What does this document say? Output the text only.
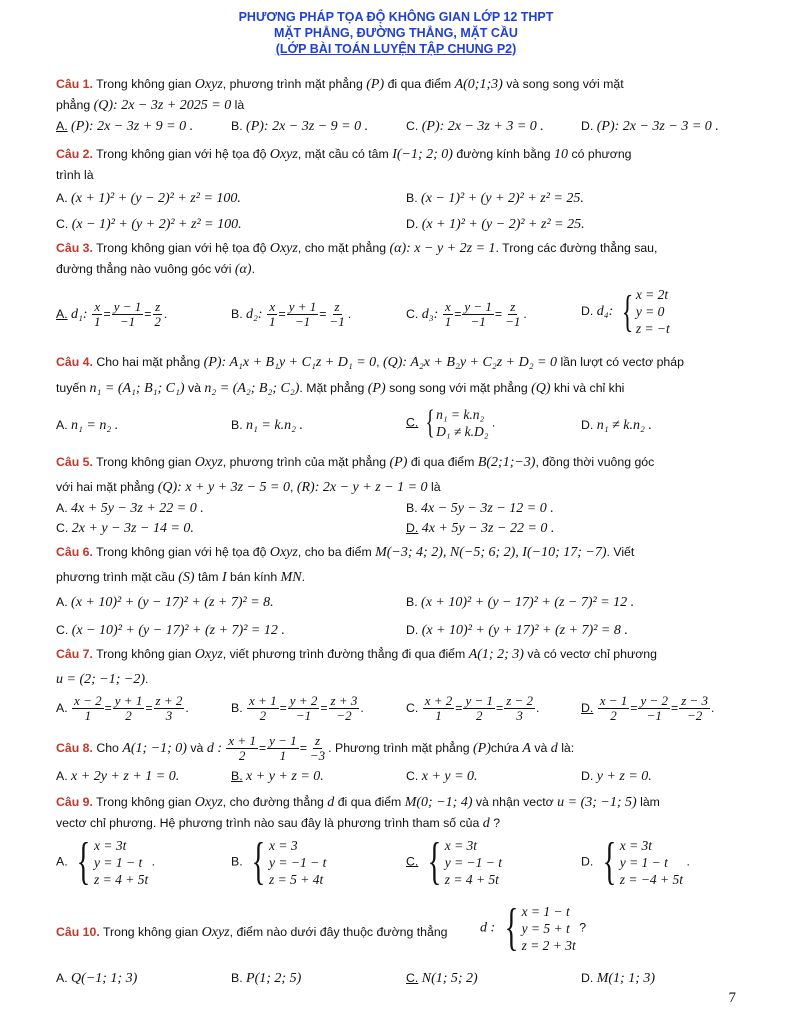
PHƯƠNG PHÁP TỌA ĐỘ KHÔNG GIAN LỚP 12 THPT
MẶT PHẲNG, ĐƯỜNG THẲNG, MẶT CẦU
(LỚP BÀI TOÁN LUYỆN TẬP CHUNG P2)
Câu 1. Trong không gian Oxyz, phương trình mặt phẳng (P) đi qua điểm A(0;1;3) và song song với mặt
phẳng (Q): 2x − 3z + 2025 = 0 là
A. (P): 2x − 3z + 9 = 0 .	B. (P): 2x − 3z − 9 = 0 .	C. (P): 2x − 3z + 3 = 0 .	D. (P): 2x − 3z − 3 = 0 .
Câu 2. Trong không gian với hệ tọa độ Oxyz, mặt cầu có tâm I(−1; 2; 0) đường kính bằng 10 có phương
trình là
A. (x + 1)² + (y − 2)² + z² = 100.	B. (x − 1)² + (y + 2)² + z² = 25.
C. (x − 1)² + (y + 2)² + z² = 100.	D. (x + 1)² + (y − 2)² + z² = 25.
Câu 3. Trong không gian với hệ tọa độ Oxyz, cho mặt phẳng (α): x − y + 2z = 1. Trong các đường thẳng sau,
đường thẳng nào vuông góc với (α).
A. d₁: $\frac{x}{1} = \frac{y - 1}{-1} = \frac{z}{2}$ .	B. d₂: $\frac{x}{1} = \frac{y + 1}{-1} = \frac{z}{-1}$ .	C. d₃: $\frac{x}{1} = \frac{y - 1}{-1} = \frac{z}{-1}$ .	D. d₄: { x = 2t
y = 0
z = −t
Câu 4. Cho hai mặt phẳng (P): A₁x + B₁y + C₁z + D₁ = 0, (Q): A₂x + B₂y + C₂z + D₂ = 0 lần lượt có vectơ pháp
tuyến n₁ = (A₁; B₁; C₁) và n₂ = (A₂; B₂; C₂). Mặt phẳng (P) song song với mặt phẳng (Q) khi và chỉ khi
A. n₁ = n₂ .	B. n₁ = k.n₂ .	C. { n₁ = k.n₂
D₁ ≠ k.D₂
.	D. n₁ ≠ k.n₂ .
Câu 5. Trong không gian Oxyz, phương trình của mặt phẳng (P) đi qua điểm B(2;1;−3), đồng thời vuông góc
với hai mặt phẳng (Q): x + y + 3z − 5 = 0, (R): 2x − y + z − 1 = 0 là
A. 4x + 5y − 3z + 22 = 0 .	B. 4x − 5y − 3z − 12 = 0 .
C. 2x + y − 3z − 14 = 0.	D. 4x + 5y − 3z − 22 = 0 .
Câu 6. Trong không gian với hệ tọa độ Oxyz, cho ba điểm M(−3; 4; 2), N(−5; 6; 2), I(−10; 17; −7). Viết
phương trình mặt cầu (S) tâm I bán kính MN.
A. (x + 10)² + (y − 17)² + (z + 7)² = 8.	B. (x + 10)² + (y − 17)² + (z − 7)² = 12 .
C. (x − 10)² + (y − 17)² + (z + 7)² = 12 .	D. (x + 10)² + (y + 17)² + (z + 7)² = 8 .
Câu 7. Trong không gian Oxyz, viết phương trình đường thẳng đi qua điểm A(1; 2; 3) và có vectơ chỉ phương
u = (2; −1; −2).
A. $\frac{x - 2}{1} = \frac{y + 1}{2} = \frac{z + 2}{3}$ .	B. $\frac{x + 1}{2} = \frac{y + 2}{-1} = \frac{z + 3}{-2}$ .	C. $\frac{x + 2}{1} = \frac{y - 1}{2} = \frac{z - 2}{3}$ .	D. $\frac{x - 1}{2} = \frac{y - 2}{-1} = \frac{z - 3}{-2}$ .
Câu 8. Cho A(1; −1; 0) và d : $\frac{x + 1}{2} = \frac{y - 1}{1} = \frac{z}{-3}$ . Phương trình mặt phẳng (P)chứa A và d là:
A. x + 2y + z + 1 = 0.	B. x + y + z = 0.	C. x + y = 0.	D. y + z = 0.
Câu 9. Trong không gian Oxyz, cho đường thẳng d đi qua điểm M(0; −1; 4) và nhận vectơ u = (3; −1; 5) làm
vectơ chỉ phương. Hệ phương trình nào sau đây là phương trình tham số của d ?
A. { x = 3t
y = 1 − t
z = 4 + 5t
.	B. { x = 3
y = −1 − t
z = 5 + 4t
C. { x = 3t
y = −1 − t
z = 4 + 5t
D. { x = 3t
y = 1 − t
z = −4 + 5t
.
Câu 10. Trong không gian Oxyz, điểm nào dưới đây thuộc đường thẳng d : { x = 1 − t
y = 5 + t
z = 2 + 3t
?
A. Q(−1; 1; 3)	B. P(1; 2; 5)	C. N(1; 5; 2)	D. M(1; 1; 3)
7
